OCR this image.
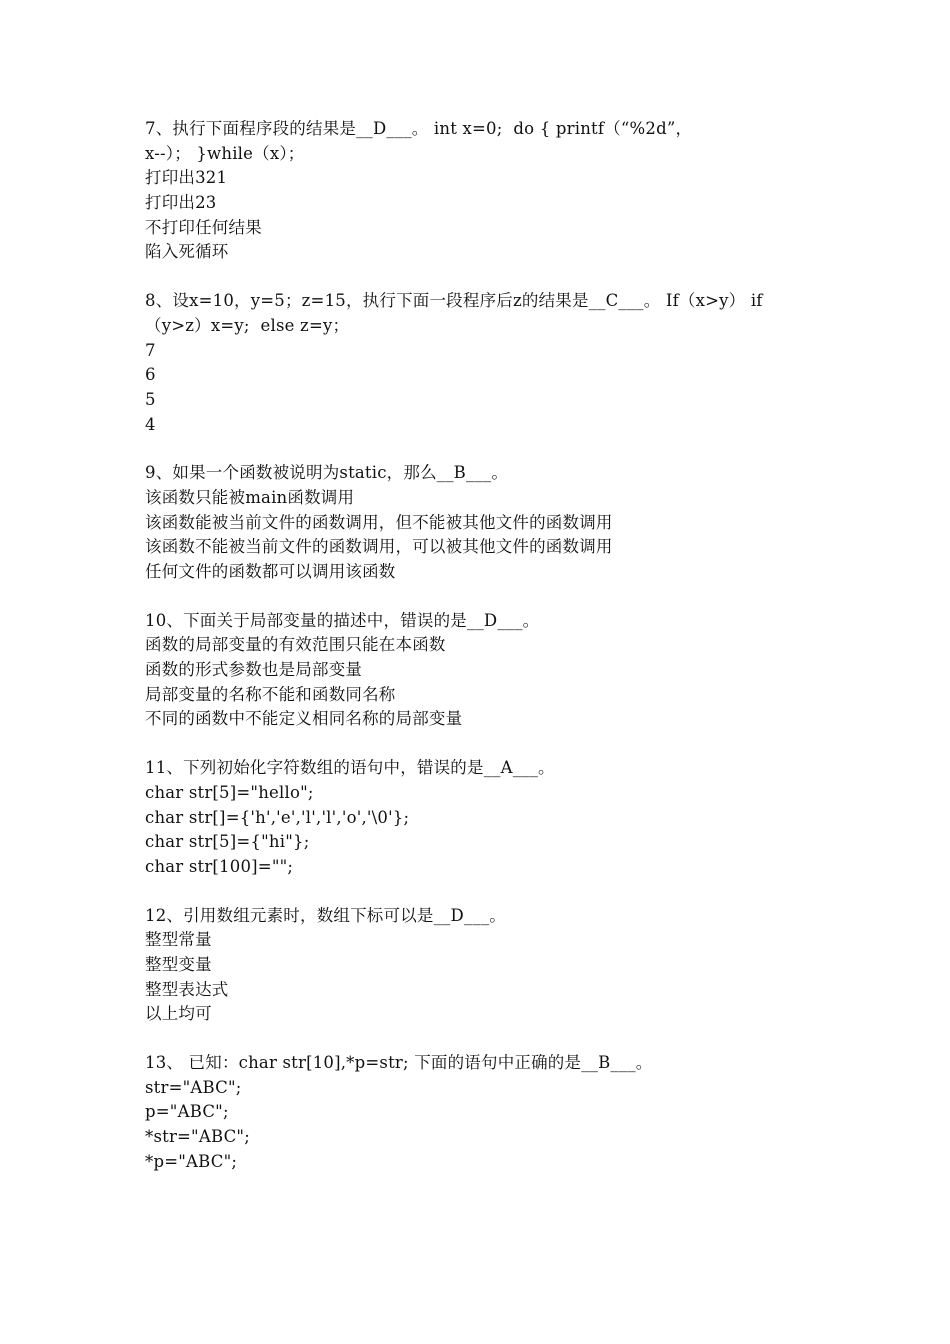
7、执行下面程序段的结果是__D___。 int x=0;  do { printf（“%2d”，
x--）； }while（x）；
打印出321
打印出23
不打印任何结果
陷入死循环
8、设x=10，y=5；z=15，执行下面一段程序后z的结果是__C___。 If（x>y） if
（y>z）x=y;  else z=y；
7
6
5
4
9、如果一个函数被说明为static，那么__B___。
该函数只能被main函数调用
该函数能被当前文件的函数调用，但不能被其他文件的函数调用
该函数不能被当前文件的函数调用，可以被其他文件的函数调用
任何文件的函数都可以调用该函数
10、下面关于局部变量的描述中，错误的是__D___。
函数的局部变量的有效范围只能在本函数
函数的形式参数也是局部变量
局部变量的名称不能和函数同名称
不同的函数中不能定义相同名称的局部变量
11、下列初始化字符数组的语句中，错误的是__A___。
char str[5]="hello";
char str[]={'h','e','l','l','o','\0'};
char str[5]={"hi"};
char str[100]="";
12、引用数组元素时，数组下标可以是__D___。
整型常量
整型变量
整型表达式
以上均可
13、 已知：char str[10],*p=str; 下面的语句中正确的是__B___。
str="ABC";
p="ABC";
*str="ABC";
*p="ABC";
